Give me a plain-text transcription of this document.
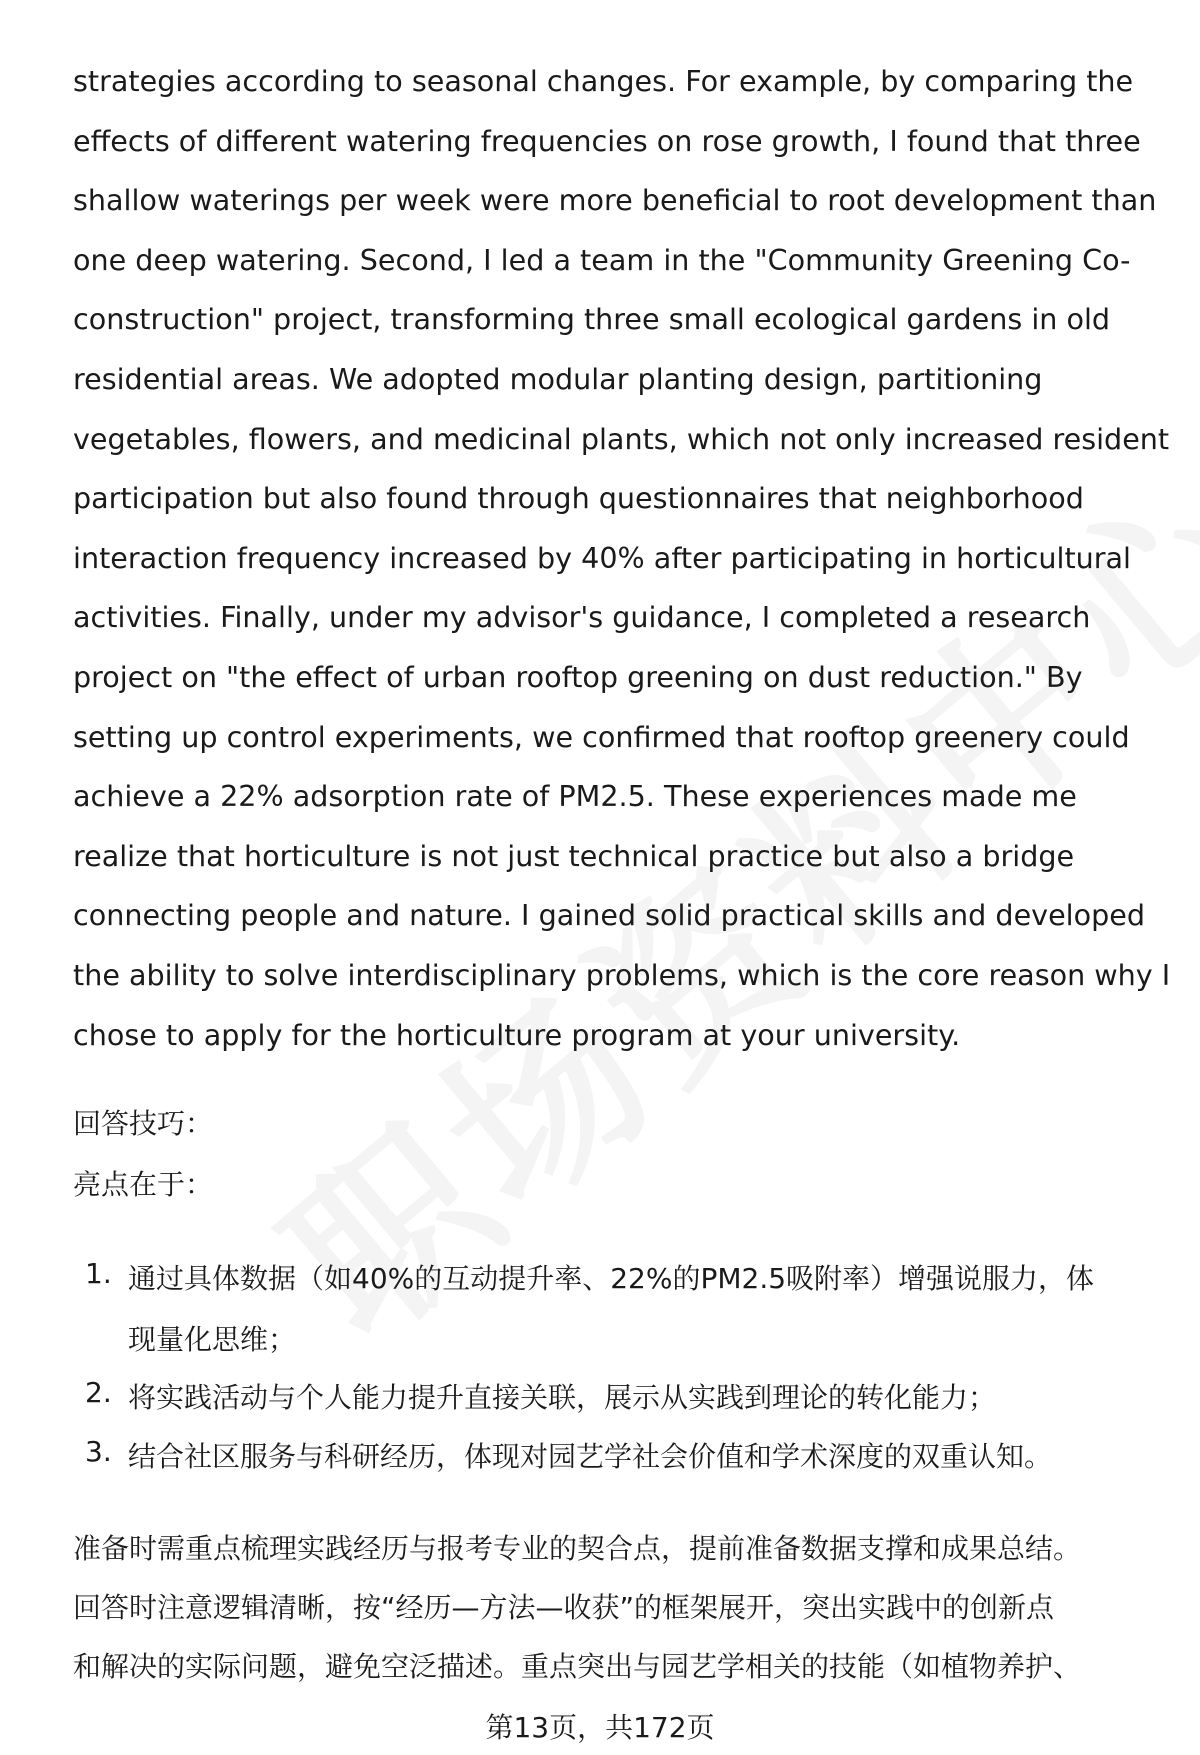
strategies according to seasonal changes. For example, by comparing the
effects of different watering frequencies on rose growth, I found that three
shallow waterings per week were more beneficial to root development than
one deep watering. Second, I led a team in the "Community Greening Co-
construction" project, transforming three small ecological gardens in old
residential areas. We adopted modular planting design, partitioning
vegetables, flowers, and medicinal plants, which not only increased resident
participation but also found through questionnaires that neighborhood
interaction frequency increased by 40% after participating in horticultural
activities. Finally, under my advisor's guidance, I completed a research
project on "the effect of urban rooftop greening on dust reduction." By
setting up control experiments, we confirmed that rooftop greenery could
achieve a 22% adsorption rate of PM2.5. These experiences made me
realize that horticulture is not just technical practice but also a bridge
connecting people and nature. I gained solid practical skills and developed
the ability to solve interdisciplinary problems, which is the core reason why I
chose to apply for the horticulture program at your university.
回答技巧：
亮点在于：
1. 通过具体数据（如40%的互动提升率、22%的PM2.5吸附率）增强说服力，体
现量化思维；
2. 将实践活动与个人能力提升直接关联，展示从实践到理论的转化能力；
3. 结合社区服务与科研经历，体现对园艺学社会价值和学术深度的双重认知。
准备时需重点梳理实践经历与报考专业的契合点，提前准备数据支撑和成果总结。
回答时注意逻辑清晰，按“经历—方法—收获”的框架展开，突出实践中的创新点
和解决的实际问题，避免空泛描述。重点突出与园艺学相关的技能（如植物养护、
第13页，共172页
